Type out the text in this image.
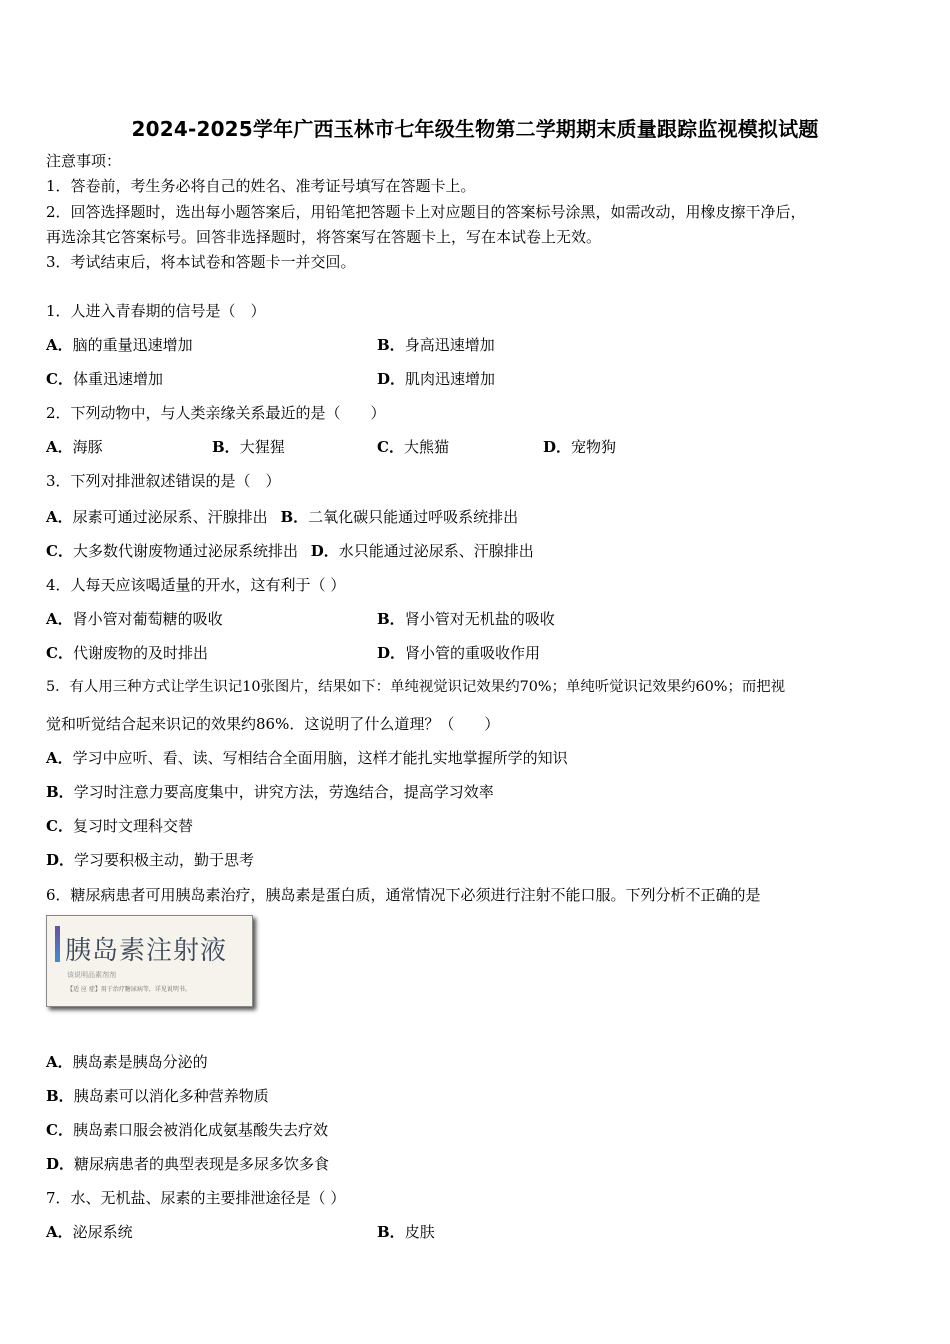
2024-2025学年广西玉林市七年级生物第二学期期末质量跟踪监视模拟试题
注意事项：
1．答卷前，考生务必将自己的姓名、准考证号填写在答题卡上。
2．回答选择题时，选出每小题答案后，用铅笔把答题卡上对应题目的答案标号涂黑，如需改动，用橡皮擦干净后，
再选涂其它答案标号。回答非选择题时，将答案写在答题卡上，写在本试卷上无效。
3．考试结束后，将本试卷和答题卡一并交回。
1．人进入青春期的信号是（　）
A．脑的重量迅速增加	B．身高迅速增加
C．体重迅速增加	D．肌肉迅速增加
2．下列动物中，与人类亲缘关系最近的是（　　）
A．海豚	B．大猩猩	C．大熊猫	D．宠物狗
3．下列对排泄叙述错误的是（　）
A．尿素可通过泌尿系、汗腺排出 B．二氧化碳只能通过呼吸系统排出
C．大多数代谢废物通过泌尿系统排出 D．水只能通过泌尿系、汗腺排出
4．人每天应该喝适量的开水，这有利于（ ）
A．肾小管对葡萄糖的吸收	B．肾小管对无机盐的吸收
C．代谢废物的及时排出	D．肾小管的重吸收作用
5．有人用三种方式让学生识记10张图片，结果如下：单纯视觉识记效果约70%；单纯听觉识记效果约60%；而把视
觉和听觉结合起来识记的效果约86%．这说明了什么道理？（　　）
A．学习中应听、看、读、写相结合全面用脑，这样才能扎实地掌握所学的知识
B．学习时注意力要高度集中，讲究方法，劳逸结合，提高学习效率
C．复习时文理科交替
D．学习要积极主动，勤于思考
6．糖尿病患者可用胰岛素治疗，胰岛素是蛋白质，通常情况下必须进行注射不能口服。下列分析不正确的是
胰岛素注射液
该说明品素剂剂
【适 应 症】用于治疗糖尿病等，详见说明书。
A．胰岛素是胰岛分泌的
B．胰岛素可以消化多种营养物质
C．胰岛素口服会被消化成氨基酸失去疗效
D．糖尿病患者的典型表现是多尿多饮多食
7．水、无机盐、尿素的主要排泄途径是（ ）
A．泌尿系统	B．皮肤
